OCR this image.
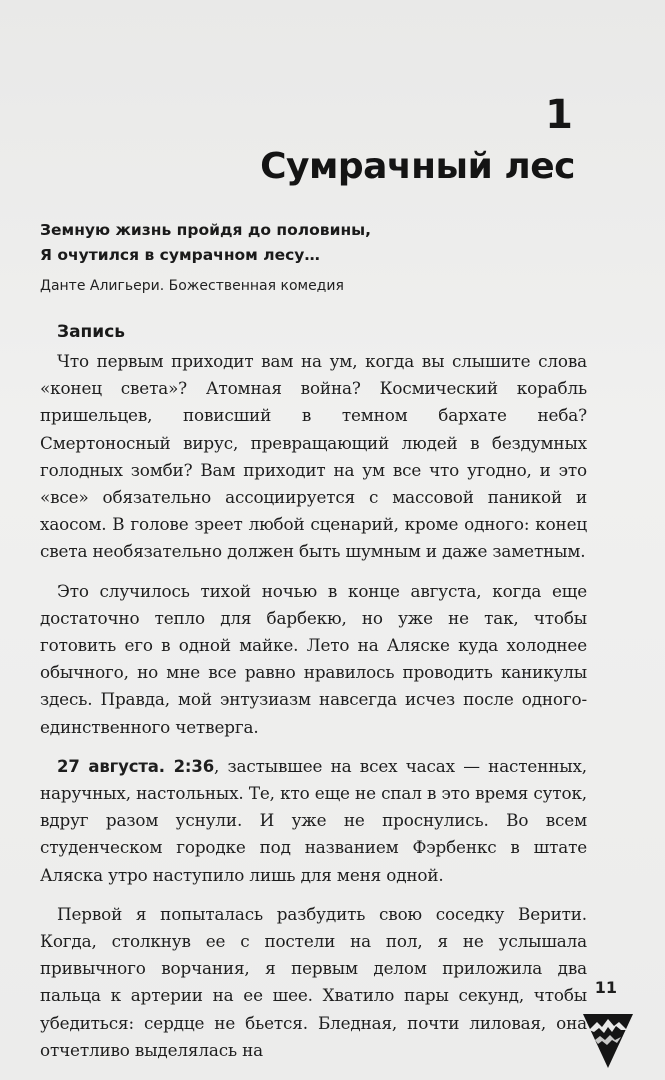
1
Сумрачный лес
Земную жизнь пройдя до половины,
Я очутился в сумрачном лесу…
Данте Алигьери. Божественная комедия
Запись

Что первым приходит вам на ум, когда вы слышите слова «конец света»? Атомная война? Космический корабль пришельцев, повисший в темном бархате неба? Смертоносный вирус, превращающий людей в бездумных голодных зомби? Вам приходит на ум все что угодно, и это «все» обязательно ассоциируется с массовой паникой и хаосом. В голове зреет любой сценарий, кроме одного: конец света необязательно должен быть шумным и даже заметным.

Это случилось тихой ночью в конце августа, когда еще достаточно тепло для барбекю, но уже не так, чтобы готовить его в одной майке. Лето на Аляске куда холоднее обычного, но мне все равно нравилось проводить каникулы здесь. Правда, мой энтузиазм навсегда исчез после одного-единственного четверга.

27 августа. 2:36, застывшее на всех часах — настенных, наручных, настольных. Те, кто еще не спал в это время суток, вдруг разом уснули. И уже не проснулись. Во всем студенческом городке под названием Фэрбенкс в штате Аляска утро наступило лишь для меня одной.

Первой я попыталась разбудить свою соседку Верити. Когда, столкнув ее с постели на пол, я не услышала привычного ворчания, я первым делом приложила два пальца к артерии на ее шее. Хватило пары секунд, чтобы убедиться: сердце не бьется. Бледная, почти лиловая, она отчетливо выделялась на

11
